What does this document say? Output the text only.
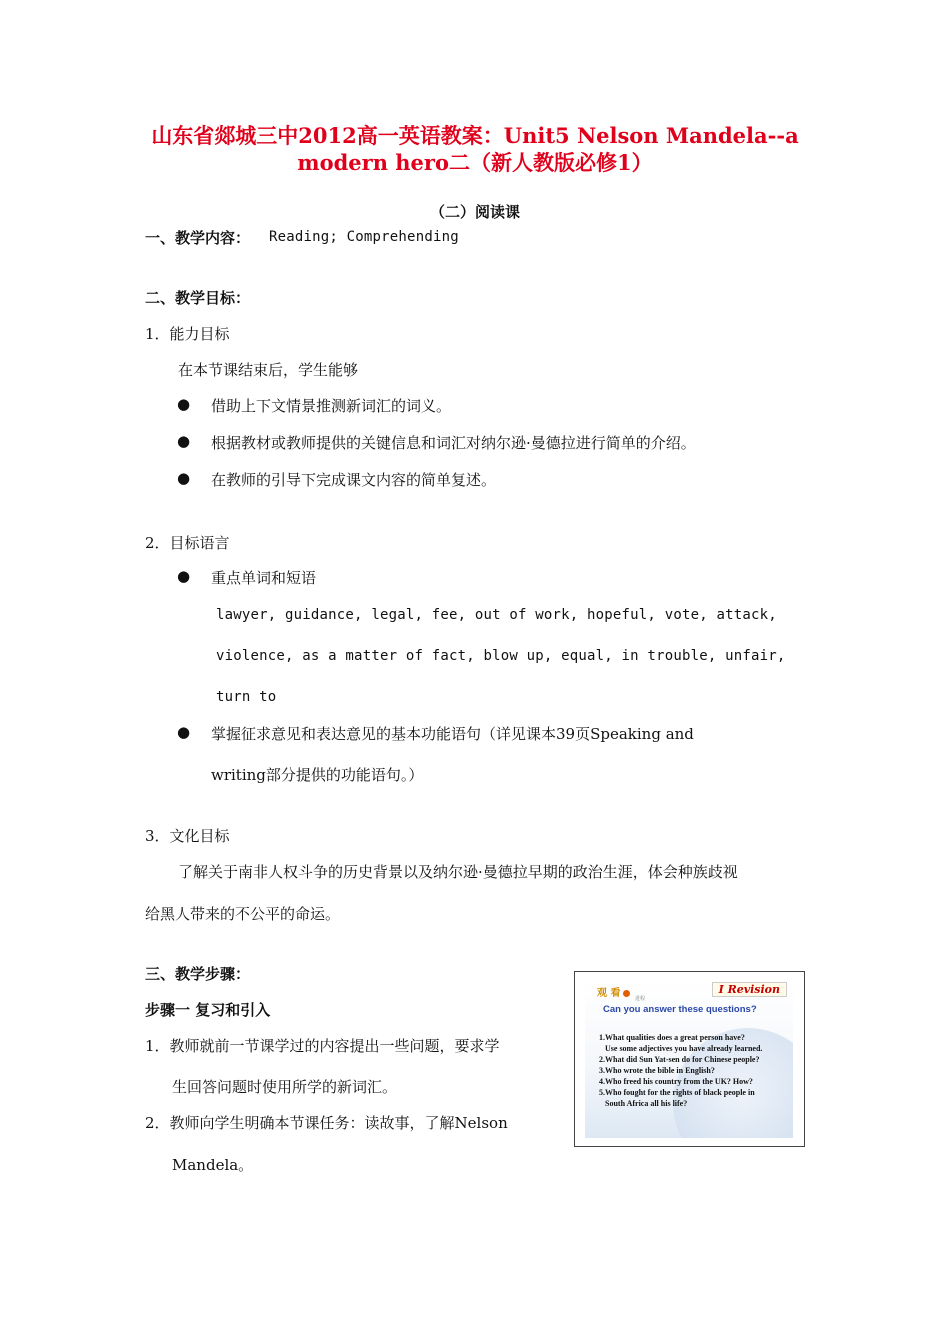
山东省郯城三中2012高一英语教案：Unit5 Nelson Mandela--a
modern hero二（新人教版必修1）
（二）阅读课
一、教学内容： Reading; Comprehending
二、教学目标：
1．能力目标
在本节课结束后，学生能够
● 借助上下文情景推测新词汇的词义。
● 根据教材或教师提供的关键信息和词汇对纳尔逊·曼德拉进行简单的介绍。
● 在教师的引导下完成课文内容的简单复述。
2．目标语言
● 重点单词和短语
lawyer, guidance, legal, fee, out of work, hopeful, vote, attack,
violence, as a matter of fact, blow up, equal, in trouble, unfair,
turn to
● 掌握征求意见和表达意见的基本功能语句（详见课本39页Speaking and
writing部分提供的功能语句。）
3．文化目标
了解关于南非人权斗争的历史背景以及纳尔逊·曼德拉早期的政治生涯，体会种族歧视
给黑人带来的不公平的命运。
三、教学步骤：
步骤一 复习和引入
1．教师就前一节课学过的内容提出一些问题，要求学
生回答问题时使用所学的新词汇。
2．教师向学生明确本节课任务：读故事，了解Nelson
Mandela。
观 看	进程
I Revision
Can you answer these questions?
1.What qualities does a great person have?
Use some adjectives you have already learned.
2.What did Sun Yat-sen do for Chinese people?
3.Who wrote the bible in English?
4.Who freed his country from the UK? How?
5.Who fought for the rights of black people in
South Africa all his life?
